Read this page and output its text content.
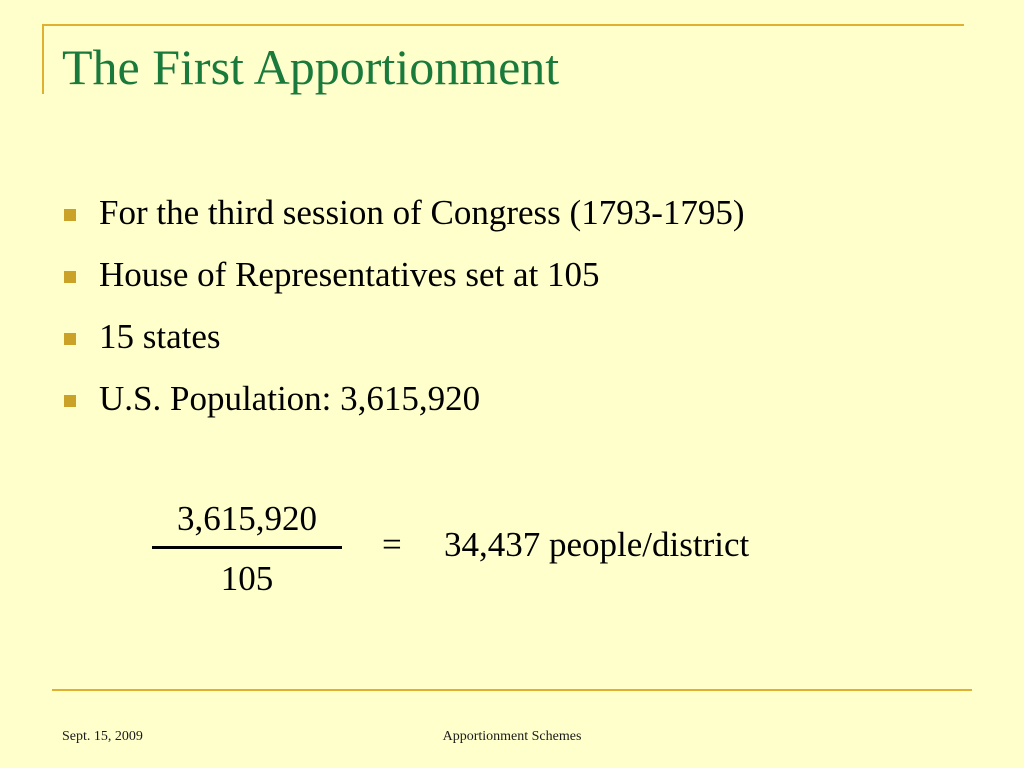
The First Apportionment
For the third session of Congress (1793-1795)
House of Representatives set at 105
15 states
U.S. Population: 3,615,920
3,615,920
105
= 34,437 people/district
Sept. 15, 2009	Apportionment Schemes
